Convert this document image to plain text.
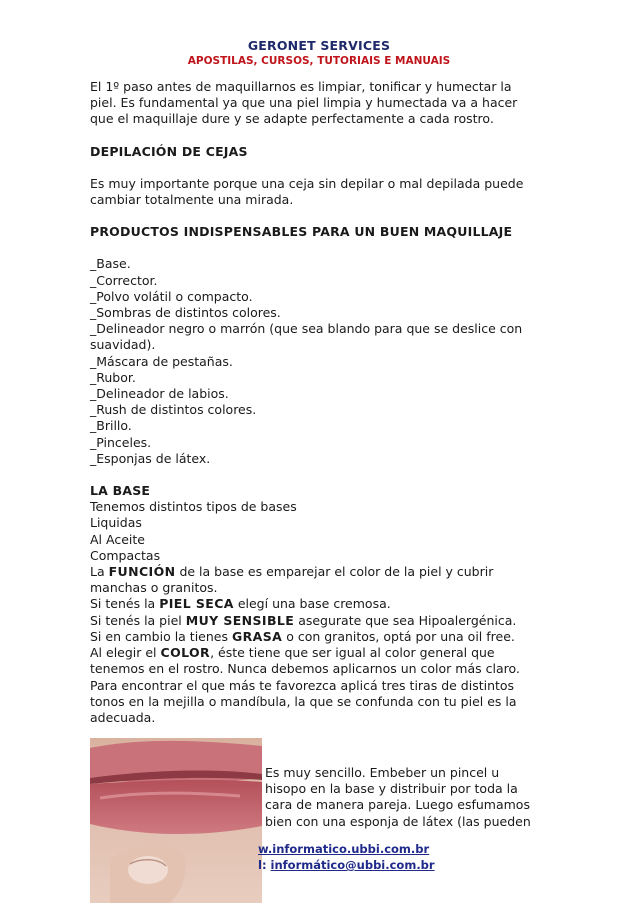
GERONET SERVICES
APOSTILAS, CURSOS, TUTORIAIS E MANUAIS

El 1º paso antes de maquillarnos es limpiar, tonificar y humectar la

piel. Es fundamental ya que una piel limpia y humectada va a hacer

que el maquillaje dure y se adapte perfectamente a cada rostro.

DEPILACIÓN DE CEJAS

Es muy importante porque una ceja sin depilar o mal depilada puede

cambiar totalmente una mirada.

PRODUCTOS INDISPENSABLES PARA UN BUEN MAQUILLAJE

_Base.

_Corrector.

_Polvo volátil o compacto.

_Sombras de distintos colores.

_Delineador negro o marrón (que sea blando para que se deslice con

suavidad).

_Máscara de pestañas.

_Rubor.

_Delineador de labios.

_Rush de distintos colores.

_Brillo.

_Pinceles.

_Esponjas de látex.

LA BASE

Tenemos distintos tipos de bases

Liquidas

Al Aceite

Compactas

La FUNCIÓN de la base es emparejar el color de la piel y cubrir

manchas o granitos.

Si tenés la PIEL SECA elegí una base cremosa.

Si tenés la piel MUY SENSIBLE asegurate que sea Hipoalergénica.

Si en cambio la tienes GRASA o con granitos, optá por una oil free.

Al elegir el COLOR, éste tiene que ser igual al color general que

tenemos en el rostro. Nunca debemos aplicarnos un color más claro.

Para encontrar el que más te favorezca aplicá tres tiras de distintos

tonos en la mejilla o mandíbula, la que se confunda con tu piel es la

adecuada.

Es muy sencillo. Embeber un pincel u
hisopo en la base y distribuir por toda la
cara de manera pareja. Luego esfumamos
bien con una esponja de látex (las pueden
w.informatico.ubbi.com.br
l: informático@ubbi.com.br
